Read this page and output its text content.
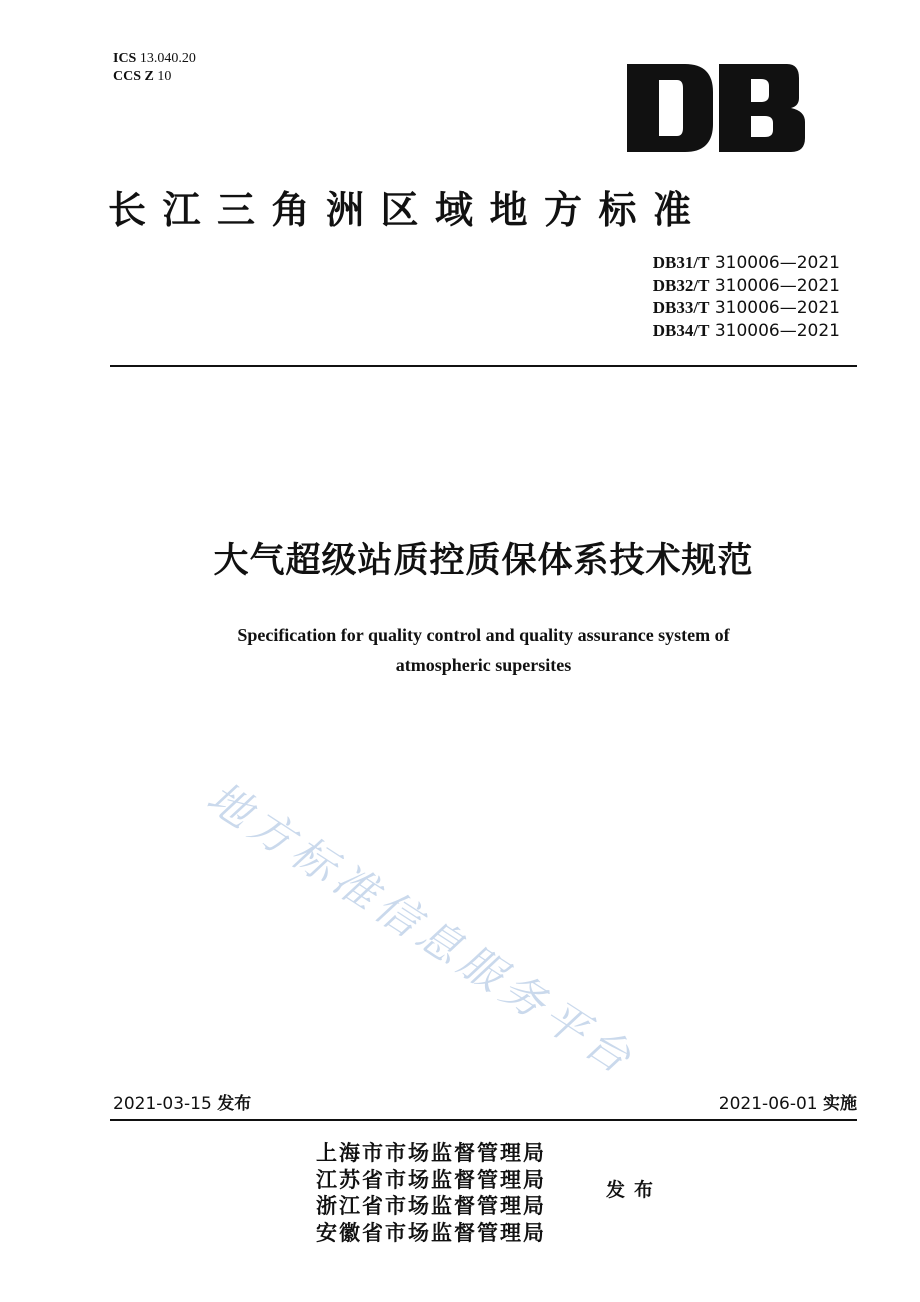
ICS 13.040.20
CCS Z 10
长江三角洲区域地方标准
DB31/T 310006—2021
DB32/T 310006—2021
DB33/T 310006—2021
DB34/T 310006—2021
大气超级站质控质保体系技术规范
Specification for quality control and quality assurance system of
atmospheric supersites
地方标准信息服务平台
2021-03-15 发布	2021-06-01 实施
上海市市场监督管理局
江苏省市场监督管理局
浙江省市场监督管理局
安徽省市场监督管理局
发布
